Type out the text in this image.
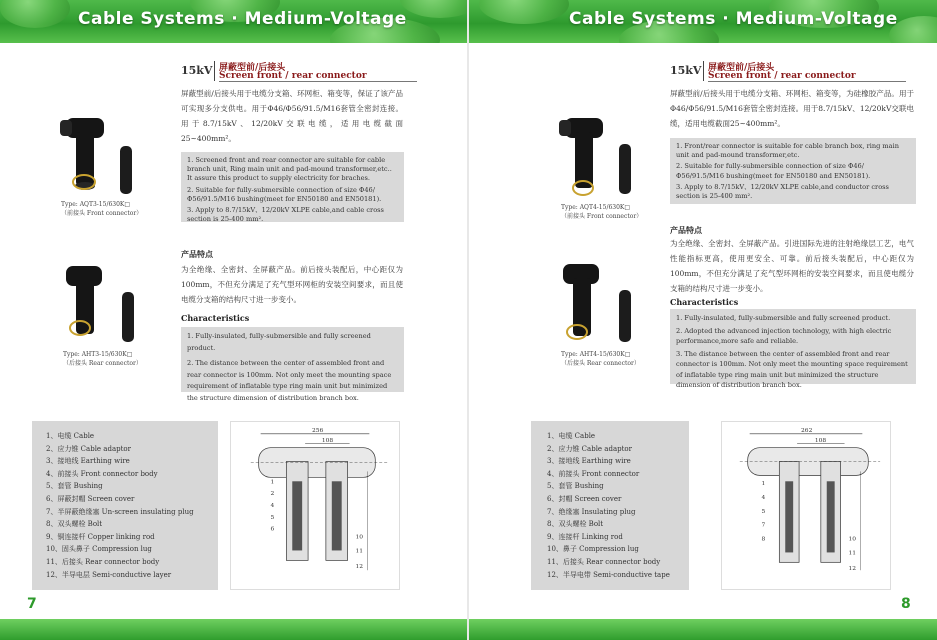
Cable Systems · Medium-Voltage
15kV 屏蔽型前/后接头
Screen front / rear connector
屏蔽型前/后接头用于电缆分支箱、环网柜、箱变等，保证了该产品可实现多分支供电。用于Φ46/Φ56/91.5/M16套管全密封连接。用于8.7/15kV、12/20kV交联电缆，适用电缆截面25~400mm²。

1. Screened front and rear connector are suitable for cable branch unit, Ring main unit and pad-mound transformer,etc.. It assure this product to supply electricity for braches.

2. Suitable for fully-submersible connection of size Φ46/Φ56/91.5/M16 bushing(meet for EN50180 and EN50181).

3. Apply to 8.7/15kV、12/20kV XLPE cable,and cable cross section is 25-400 mm².

产品特点
为全绝缘、全密封、全屏蔽产品。前后接头装配后，中心距仅为100mm，不但充分满足了充气型环网柜的安装空间要求，而且使电缆分支箱的结构尺寸进一步变小。
Characteristics

1. Fully-insulated, fully-submersible and fully screened product.

2. The distance between the center of assembled front and rear connector is 100mm. Not only meet the mounting space requirement of inflatable type ring main unit but minimized the structure dimension of distribution branch box.

Type: AQT3-15/630K□
（前接头 Front connector）
Type: AHT3-15/630K□
（后接头 Rear connector）
1、电缆 Cable
2、应力锥 Cable adaptor
3、接地线 Earthing wire
4、前接头 Front connector body
5、套管 Bushing
6、屏蔽封帽 Screen cover
7、半屏蔽绝缘塞 Un-screen insulating plug
8、双头螺栓 Bolt
9、铜连接杆 Copper linking rod
10、固头鼻子 Compression lug
11、后接头 Rear connector body
12、半导电层 Semi-conductive layer
256
108
1
2
4
5
6
10
11
12
7
Cable Systems · Medium-Voltage
15kV 屏蔽型前/后接头
Screen front / rear connector
屏蔽型前/后接头用于电缆分支箱、环网柜、箱变等，为硅橡胶产品。用于Φ46/Φ56/91.5/M16套管全密封连接。用于8.7/15kV、12/20kV交联电缆，适用电缆截面25~400mm²。

1. Front/rear connector is suitable for cable branch box, ring main unit and pad-mound transformer,etc.

2. Suitable for fully-submersible connection of size Φ46/Φ56/91.5/M16 bushing(meet for EN50180 and EN50181).

3. Apply to 8.7/15kV、12/20kV XLPE cable,and conductor cross section is 25-400 mm².

产品特点
为全绝缘、全密封、全屏蔽产品。引进国际先进的注射绝缘层工艺，电气性能指标更高，使用更安全、可靠。前后接头装配后，中心距仅为100mm，不但充分满足了充气型环网柜的安装空间要求，而且使电缆分支箱的结构尺寸进一步变小。
Characteristics

1. Fully-insulated, fully-submersible and fully screened product.

2. Adopted the advanced injection technology, with high electric performance,more safe and reliable.

3. The distance between the center of assembled front and rear connector is 100mm. Not only meet the mounting space requirement of inflatable type ring main unit but minimized the structure dimension of distribution branch box.

Type: AQT4-15/630K□
（前接头 Front connector）
Type: AHT4-15/630K□
（后接头 Rear connector）
1、电缆 Cable
2、应力锥 Cable adaptor
3、接地线 Earthing wire
4、前接头 Front connector
5、套管 Bushing
6、封帽 Screen cover
7、绝缘塞 Insulating plug
8、双头螺栓 Bolt
9、连接杆 Linking rod
10、鼻子 Compression lug
11、后接头 Rear connector body
12、半导电带 Semi-conductive tape
262
108
1
4
5
7
8	10
11
12
8
